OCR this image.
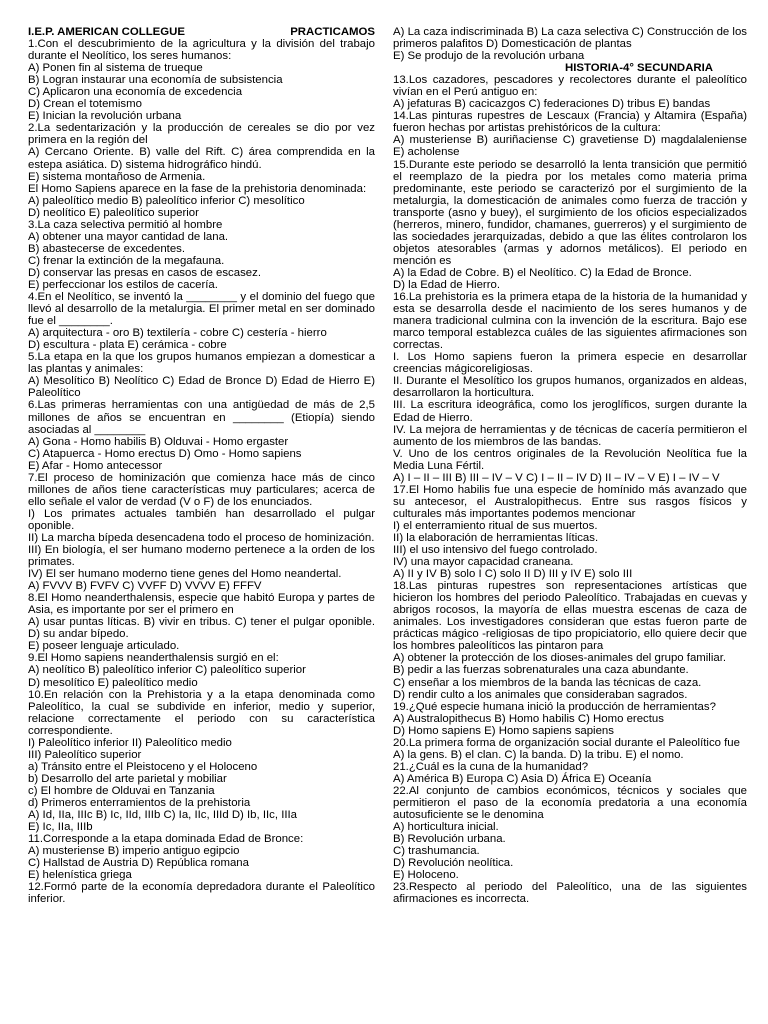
I.E.P. AMERICAN COLLEGUE	PRACTICAMOS

1.Con el descubrimiento de la agricultura y la división del trabajo durante el Neolítico, los seres humanos:

A) Ponen fin al sistema de trueque

B) Logran instaurar una economía de subsistencia

C) Aplicaron una economía de excedencia

D) Crean el totemismo

E) Inician la revolución urbana

2.La sedentarización y la producción de cereales se dio por vez primera en la región del

A) Cercano Oriente. B) valle del Rift. C) área comprendida en la estepa asiática. D) sistema hidrográfico hindú.

E) sistema montañoso de Armenia.

El Homo Sapiens aparece en la fase de la prehistoria denominada:

A) paleolítico medio B) paleolítico inferior C) mesolítico

D) neolítico E) paleolítico superior

3.La caza selectiva permitió al hombre

A) obtener una mayor cantidad de lana.

B) abastecerse de excedentes.

C) frenar la extinción de la megafauna.

D) conservar las presas en casos de escasez.

E) perfeccionar los estilos de cacería.

4.En el Neolítico, se inventó la ________ y el dominio del fuego que llevó al desarrollo de la metalurgia. El primer metal en ser dominado fue el ________.

A) arquitectura - oro B) textilería - cobre C) cestería - hierro

D) escultura - plata E) cerámica - cobre

5.La etapa en la que los grupos humanos empiezan a domesticar a las plantas y animales:

A) Mesolítico B) Neolítico C) Edad de Bronce D) Edad de Hierro E) Paleolítico

6.Las primeras herramientas con una antigüedad de más de 2,5 millones de años se encuentran en ________ (Etiopía) siendo asociadas al ________

A) Gona - Homo habilis B) Olduvai - Homo ergaster

C) Atapuerca - Homo erectus D) Omo - Homo sapiens

E) Afar - Homo antecessor

7.El proceso de hominización que comienza hace más de cinco millones de años tiene características muy particulares; acerca de ello señale el valor de verdad (V o F) de los enunciados.

I) Los primates actuales también han desarrollado el pulgar oponible.

II) La marcha bípeda desencadena todo el proceso de hominización.

III) En biología, el ser humano moderno pertenece a la orden de los primates.

IV) El ser humano moderno tiene genes del Homo neandertal.

A) FVVV B) FVFV C) VVFF D) VVVV E) FFFV

8.El Homo neanderthalensis, especie que habitó Europa y partes de Asia, es importante por ser el primero en

A) usar puntas líticas. B) vivir en tribus. C) tener el pulgar oponible. D) su andar bípedo.

E) poseer lenguaje articulado.

9.El Homo sapiens neanderthalensis surgió en el:

A) neolítico B) paleolítico inferior C) paleolítico superior

D) mesolítico E) paleolítico medio

10.En relación con la Prehistoria y a la etapa denominada como Paleolítico, la cual se subdivide en inferior, medio y superior, relacione correctamente el periodo con su característica correspondiente.

I) Paleolítico inferior II) Paleolítico medio

III) Paleolítico superior

a) Tránsito entre el Pleistoceno y el Holoceno

b) Desarrollo del arte parietal y mobiliar

c) El hombre de Olduvai en Tanzania

d) Primeros enterramientos de la prehistoria

A) Id, IIa, IIIc B) Ic, IId, IIIb C) Ia, IIc, IIId D) Ib, IIc, IIIa

E) Ic, IIa, IIIb

11.Corresponde a la etapa dominada Edad de Bronce:

A) musteriense B) imperio antiguo egipcio

C) Hallstad de Austria D) República romana

E) helenística griega

12.Formó parte de la economía depredadora durante el Paleolítico inferior.

A) La caza indiscriminada B) La caza selectiva C) Construcción de los primeros palafitos D) Domesticación de plantas

E) Se produjo de la revolución urbana

HISTORIA-4° SECUNDARIA

13.Los cazadores, pescadores y recolectores durante el paleolítico vivían en el Perú antiguo en:

A) jefaturas B) cacicazgos C) federaciones D) tribus E) bandas

14.Las pinturas rupestres de Lescaux (Francia) y Altamira (España) fueron hechas por artistas prehistóricos de la cultura:

A) musteriense B) auriñaciense C) gravetiense D) magdalaleniense E) acholense

15.Durante este periodo se desarrolló la lenta transición que permitió el reemplazo de la piedra por los metales como materia prima predominante, este periodo se caracterizó por el surgimiento de la metalurgia, la domesticación de animales como fuerza de tracción y transporte (asno y buey), el surgimiento de los oficios especializados (herreros, minero, fundidor, chamanes, guerreros) y el surgimiento de las sociedades jerarquizadas, debido a que las élites controlaron los objetos atesorables (armas y adornos metálicos). El periodo en mención es

A) la Edad de Cobre. B) el Neolítico. C) la Edad de Bronce.

D) la Edad de Hierro.

16.La prehistoria es la primera etapa de la historia de la humanidad y esta se desarrolla desde el nacimiento de los seres humanos y de manera tradicional culmina con la invención de la escritura. Bajo ese marco temporal establezca cuáles de las siguientes afirmaciones son correctas.

I. Los Homo sapiens fueron la primera especie en desarrollar creencias mágicoreligiosas.

II. Durante el Mesolítico los grupos humanos, organizados en aldeas, desarrollaron la horticultura.

III. La escritura ideográfica, como los jeroglíficos, surgen durante la Edad de Hierro.

IV. La mejora de herramientas y de técnicas de cacería permitieron el aumento de los miembros de las bandas.

V. Uno de los centros originales de la Revolución Neolítica fue la Media Luna Fértil.

A) I – II – III B) III – IV – V C) I – II – IV D) II – IV – V E) I – IV – V

17.El Homo habilis fue una especie de homínido más avanzado que su antecesor, el Australopithecus. Entre sus rasgos físicos y culturales más importantes podemos mencionar

I) el enterramiento ritual de sus muertos.

II) la elaboración de herramientas líticas.

III) el uso intensivo del fuego controlado.

IV) una mayor capacidad craneana.

A) II y IV B) solo I C) solo II D) III y IV E) solo III

18.Las pinturas rupestres son representaciones artísticas que hicieron los hombres del periodo Paleolítico. Trabajadas en cuevas y abrigos rocosos, la mayoría de ellas muestra escenas de caza de animales. Los investigadores consideran que estas fueron parte de prácticas mágico -religiosas de tipo propiciatorio, ello quiere decir que los hombres paleolíticos las pintaron para

A) obtener la protección de los dioses-animales del grupo familiar.

B) pedir a las fuerzas sobrenaturales una caza abundante.

C) enseñar a los miembros de la banda las técnicas de caza.

D) rendir culto a los animales que consideraban sagrados.

19.¿Qué especie humana inició la producción de herramientas?

A) Australopithecus B) Homo habilis C) Homo erectus

D) Homo sapiens E) Homo sapiens sapiens

20.La primera forma de organización social durante el Paleolítico fue

A) la gens. B) el clan. C) la banda. D) la tribu. E) el nomo.

21.¿Cuál es la cuna de la humanidad?

A) América B) Europa C) Asia D) África E) Oceanía

22.Al conjunto de cambios económicos, técnicos y sociales que permitieron el paso de la economía predatoria a una economía autosuficiente se le denomina

A) horticultura inicial.

B) Revolución urbana.

C) trashumancia.

D) Revolución neolítica.

E) Holoceno.

23.Respecto al periodo del Paleolítico, una de las siguientes afirmaciones es incorrecta.
